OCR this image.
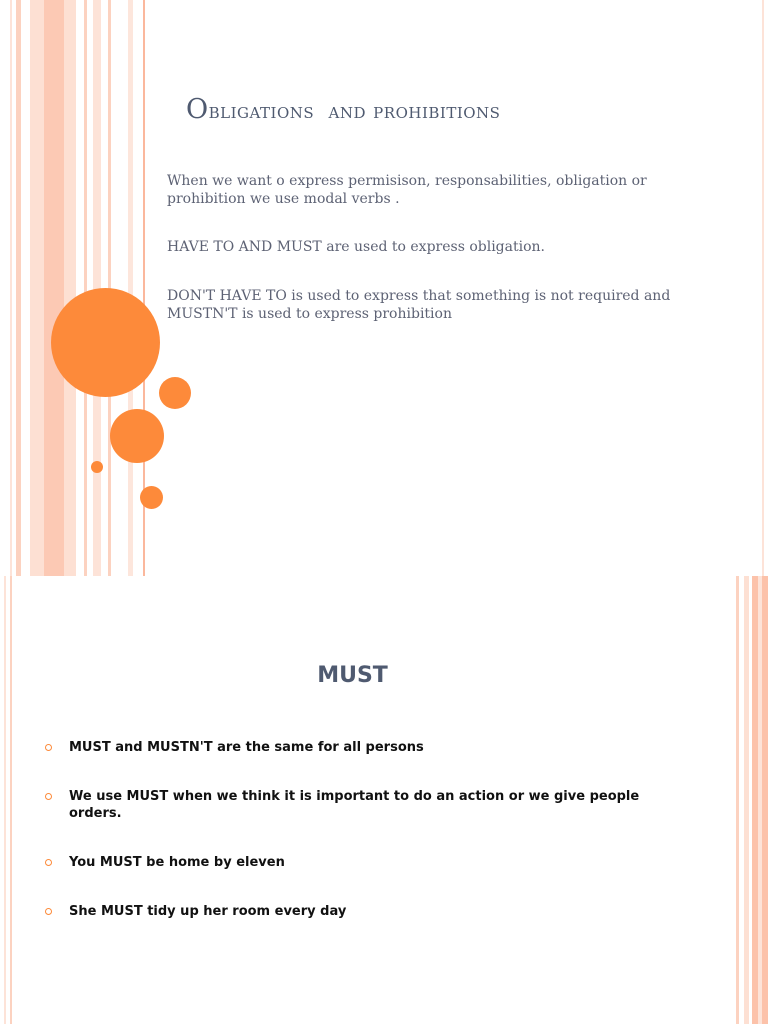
Obligations  and prohibitions
When we want o express permisison, responsabilities, obligation or prohibition we use modal verbs .
HAVE TO AND MUST are used to express obligation.
DON'T HAVE TO is used to express that something is not required and MUSTN'T is used to express prohibition
MUST
MUST and MUSTN'T are the same for all persons
We use MUST when we think it is important to do an action or we give people orders.
You MUST be home by eleven
She MUST tidy up her room every day
